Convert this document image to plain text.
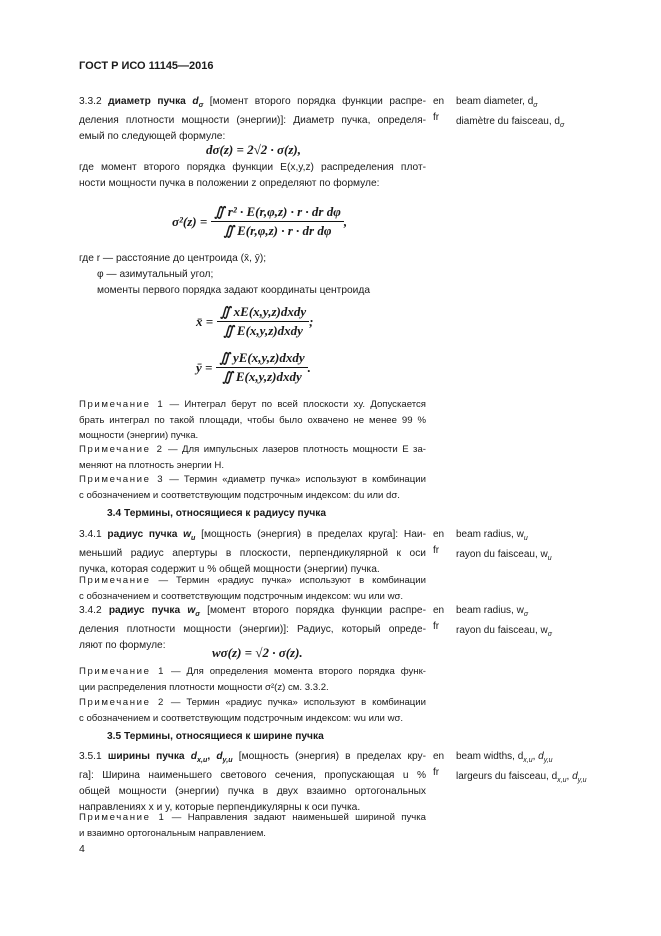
ГОСТ Р ИСО 11145—2016
3.3.2 диаметр пучка $d_\sigma$ [момент второго порядка функции распре-
деления плотности мощности (энергии)]: Диаметр пучка, определя-
емый по следующей формуле:
en
fr
beam diameter, $d_\sigma$
diamètre du faisceau, $d_\sigma$
dσ(z) = 2√2 · σ(z),
где момент второго порядка функции E(x,y,z) распределения плот-
ности мощности пучка в положении z определяют по формуле:
$\sigma^2(z) = \frac{\text{∬ r² · E(r,φ,z) · r · dr dφ}}{\text{∬ E(r,φ,z) · r · dr dφ}}$ ,
где r — расстояние до центроида (x̄, ȳ);
φ — азимутальный угол;
моменты первого порядка задают координаты центроида
x̄ = $\frac{\text{∬ xE(x,y,z)dxdy}}{\text{∬ E(x,y,z)dxdy}}$ ;
ȳ = $\frac{\text{∬ yE(x,y,z)dxdy}}{\text{∬ E(x,y,z)dxdy}}$ .
Примечание 1 — Интеграл берут по всей плоскости xy. Допускается
брать интеграл по такой площади, чтобы было охвачено не менее 99 %
мощности (энергии) пучка.
Примечание 2 — Для импульсных лазеров плотность мощности E за-
меняют на плотность энергии H.
Примечание 3 — Термин «диаметр пучка» используют в комбинации
с обозначением и соответствующим подстрочным индексом: du или dσ.
3.4 Термины, относящиеся к радиусу пучка
3.4.1 радиус пучка $w_u$ [мощность (энергия) в пределах круга]: Наи-
меньший радиус апертуры в плоскости, перпендикулярной к оси
пучка, которая содержит u % общей мощности (энергии) пучка.
en
fr
beam radius, $w_u$
rayon du faisceau, $w_u$
Примечание — Термин «радиус пучка» используют в комбинации
с обозначением и соответствующим подстрочным индексом: wu или wσ.
3.4.2 радиус пучка $w_\sigma$ [момент второго порядка функции распре-
деления плотности мощности (энергии)]: Радиус, который опреде-
ляют по формуле:
en
fr
beam radius, $w_\sigma$
rayon du faisceau, $w_\sigma$
wσ(z) = √2 · σ(z).
Примечание 1 — Для определения момента второго порядка функ-
ции распределения плотности мощности σ²(z) см. 3.3.2.
Примечание 2 — Термин «радиус пучка» используют в комбинации
с обозначением и соответствующим подстрочным индексом: wu или wσ.
3.5 Термины, относящиеся к ширине пучка
3.5.1 ширины пучка $d_{x,u}$, $d_{y,u}$ [мощность (энергия) в пределах кру-
га]: Ширина наименьшего светового сечения, пропускающая u %
общей мощности (энергии) пучка в двух взаимно ортогональных
направлениях x и y, которые перпендикулярны к оси пучка.
en
fr
beam widths, $d_{x,u}$, $d_{y,u}$
largeurs du faisceau, $d_{x,u}$, $d_{y,u}$
Примечание 1 — Направления задают наименьшей шириной пучка
и взаимно ортогональным направлением.
4
